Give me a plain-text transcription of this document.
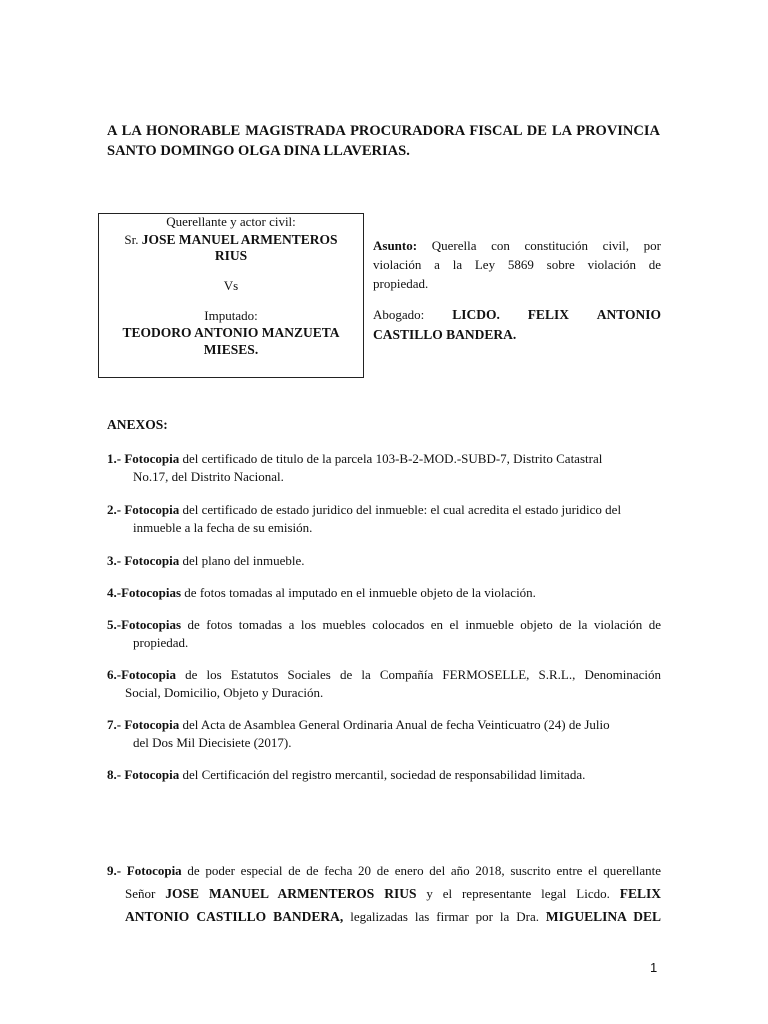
A LA HONORABLE MAGISTRADA PROCURADORA FISCAL DE LA PROVINCIA
SANTO DOMINGO OLGA DINA LLAVERIAS.
Querellante y actor civil:
Sr. JOSE MANUEL ARMENTEROS
RIUS
Vs
Imputado:
TEODORO ANTONIO MANZUETA
MIESES.
Asunto: Querella con constitución civil, por
violación a la Ley 5869 sobre violación de
propiedad.
Abogado: LICDO. FELIX ANTONIO
CASTILLO BANDERA.
ANEXOS:
1.- Fotocopia del certificado de titulo de la parcela 103-B-2-MOD.-SUBD-7, Distrito Catastral
No.17, del Distrito Nacional.
2.- Fotocopia del certificado de estado juridico del inmueble: el cual acredita el estado juridico del
inmueble a la fecha de su emisión.
3.- Fotocopia del plano del inmueble.
4.-Fotocopias de fotos tomadas al imputado en el inmueble objeto de la violación.
5.-Fotocopias de fotos tomadas a los muebles colocados en el inmueble objeto de la violación de
propiedad.
6.-Fotocopia de los Estatutos Sociales de la Compañía FERMOSELLE, S.R.L., Denominación
Social, Domicilio, Objeto y Duración.
7.- Fotocopia del Acta de Asamblea General Ordinaria Anual de fecha Veinticuatro (24) de Julio
del Dos Mil Diecisiete (2017).
8.- Fotocopia del Certificación del registro mercantil, sociedad de responsabilidad limitada.
9.- Fotocopia de poder especial de de fecha 20 de enero del año 2018, suscrito entre el querellante
Señor JOSE MANUEL ARMENTEROS RIUS y el representante legal Licdo. FELIX
ANTONIO CASTILLO BANDERA, legalizadas las firmar por la Dra. MIGUELINA DEL
1
